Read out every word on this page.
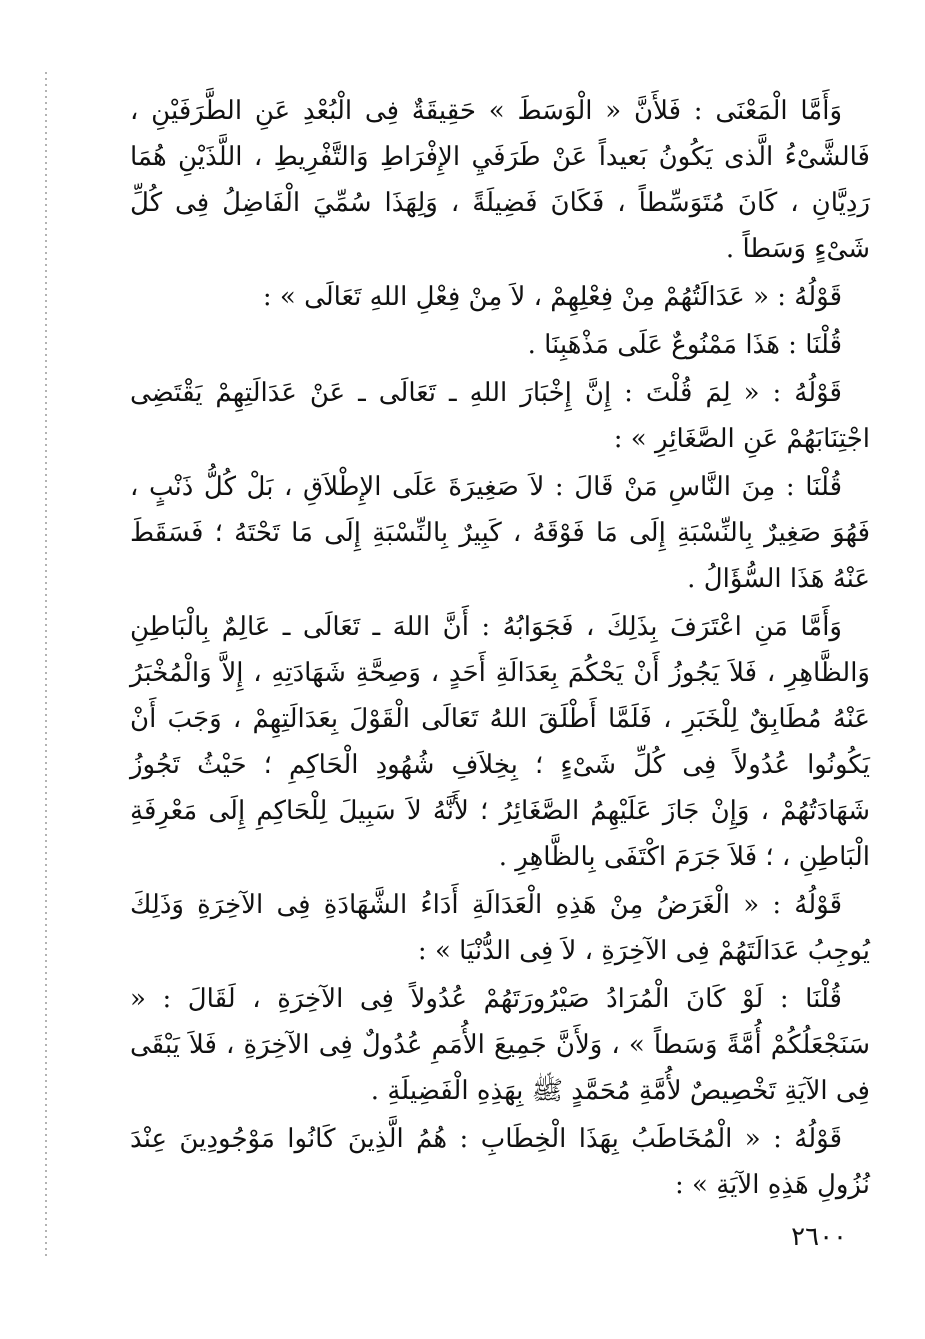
وَأَمَّا الْمَعْنَى : فَلأَنَّ « الْوَسَطَ » حَقِيقَةٌ فِى الْبُعْدِ عَنِ الطَّرَفَيْنِ ، فَالشَّىْءُ الَّذى يَكُونُ بَعيداً عَنْ طَرَفَيِ الإِفْرَاطِ وَالتَّفْرِيطِ ، اللَّذَيْنِ هُمَا رَدِيَّانِ ، كَانَ مُتَوَسِّطاً ، فَكَانَ فَضِيلَةً ، وَلِهَذَا سُمِّيَ الْفَاضِلُ فِى كُلِّ شَىْءٍ وَسَطاً .

قَوْلُهُ : « عَدَالَتُهُمْ مِنْ فِعْلِهِمْ ، لاَ مِنْ فِعْلِ اللهِ تَعَالَى » :

قُلْنَا : هَذَا مَمْنُوعٌ عَلَى مَذْهَبِنَا .

قَوْلُهُ : « لِمَ قُلْتَ : إِنَّ إِخْبَارَ اللهِ ـ تَعَالَى ـ عَنْ عَدَالَتِهِمْ يَقْتَضِى اجْتِنَابَهُمْ عَنِ الصَّغَائِرِ » :

قُلْنَا : مِنَ النَّاسِ مَنْ قَالَ : لاَ صَغِيرَةَ عَلَى الإِطْلاَقِ ، بَلْ كُلُّ ذَنْبٍ ، فَهُوَ صَغِيرٌ بِالنِّسْبَةِ إِلَى مَا فَوْقَهُ ، كَبِيرٌ بِالنِّسْبَةِ إِلَى مَا تَحْتَهُ ؛ فَسَقَطَ عَنْهُ هَذَا السُّؤَالُ .

وَأَمَّا مَنِ اعْتَرَفَ بِذَلِكَ ، فَجَوَابُهُ : أَنَّ اللهَ ـ تَعَالَى ـ عَالِمٌ بِالْبَاطِنِ وَالظَّاهِرِ ، فَلاَ يَجُوزُ أَنْ يَحْكُمَ بِعَدَالَةِ أَحَدٍ ، وَصِحَّةِ شَهَادَتِهِ ، إِلاَّ وَالْمُخْبَرُ عَنْهُ مُطَابِقٌ لِلْخَبَرِ ، فَلَمَّا أَطْلَقَ اللهُ تَعَالَى الْقَوْلَ بِعَدَالَتِهِمْ ، وَجَبَ أَنْ يَكُونُوا عُدُولاً فِى كُلِّ شَىْءٍ ؛ بِخِلاَفِ شُهُودِ الْحَاكِمِ ؛ حَيْثُ تَجُوزُ شَهَادَتُهُمْ ، وَإِنْ جَازَ عَلَيْهِمُ الصَّغَائِرُ ؛ لأَنَّهُ لاَ سَبِيلَ لِلْحَاكِمِ إِلَى مَعْرِفَةِ الْبَاطِنِ ، ؛ فَلاَ جَرَمَ اكْتَفَى بِالظَّاهِرِ .

قَوْلُهُ : « الْغَرَضُ مِنْ هَذِهِ الْعَدَالَةِ أَدَاءُ الشَّهَادَةِ فِى الآخِرَةِ وَذَلِكَ يُوجِبُ عَدَالَتَهُمْ فِى الآخِرَةِ ، لاَ فِى الدُّنْيَا » :

قُلْنَا : لَوْ كَانَ الْمُرَادُ صَيْرُورَتَهُمْ عُدُولاً فِى الآخِرَةِ ، لَقَالَ : « سَنَجْعَلُكُمْ أُمَّةً وَسَطاً » ، وَلأَنَّ جَمِيعَ الأُمَمِ عُدُولٌ فِى الآخِرَةِ ، فَلاَ يَبْقَى فِى الآيَةِ تَخْصِيصٌ لأُمَّةِ مُحَمَّدٍ ﷺ بِهَذِهِ الْفَضِيلَةِ .

قَوْلُهُ : « الْمُخَاطَبُ بِهَذَا الْخِطَابِ : هُمُ الَّذِينَ كَانُوا مَوْجُودِينَ عِنْدَ نُزُولِ هَذِهِ الآيَةِ » :

٢٦٠٠
